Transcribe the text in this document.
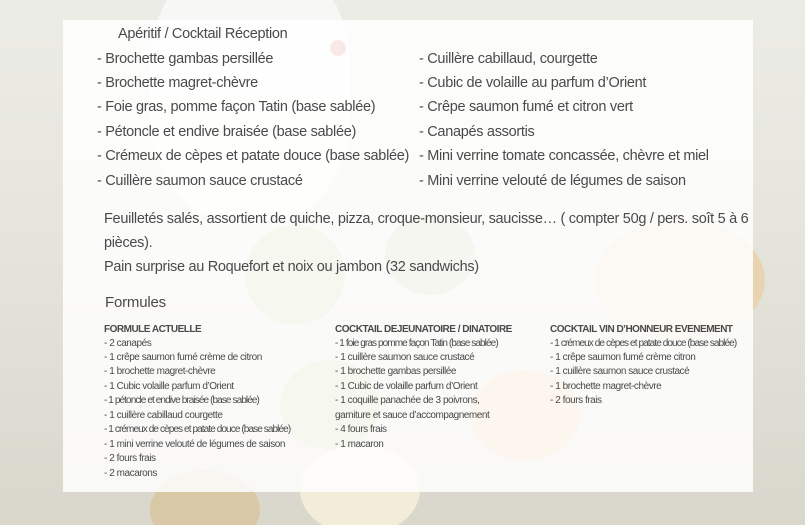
Apéritif / Cocktail Réception
- Brochette gambas persillée
- Brochette magret-chèvre
- Foie gras, pomme façon Tatin (base sablée)
- Pétoncle et endive braisée (base sablée)
- Crémeux de cèpes et patate douce (base sablée)
- Cuillère saumon sauce crustacé
- Cuillère cabillaud, courgette
- Cubic de volaille au parfum d’Orient
- Crêpe saumon fumé et citron vert
- Canapés assortis
- Mini verrine tomate concassée, chèvre et miel
- Mini verrine velouté de légumes de saison
Feuilletés salés, assortient de quiche, pizza, croque-monsieur, saucisse… ( compter 50g / pers. soît 5 à 6
pièces).
Pain surprise au Roquefort et noix ou jambon (32 sandwichs)
Formules
FORMULE ACTUELLE
- 2 canapés
- 1 crêpe saumon fumé crème de citron
- 1 brochette magret-chèvre
- 1 Cubic volaille parfum d’Orient
- 1 pétoncle et endive braisée (base sablée)
- 1 cuillère cabillaud courgette
- 1 crémeux de cèpes et patate douce (base sablée)
- 1 mini verrine velouté de légumes de saison
- 2 fours frais
- 2 macarons
COCKTAIL DEJEUNATOIRE / DINATOIRE
- 1 foie gras pomme façon Tatin (base sablée)
- 1 cuillère saumon sauce crustacé
- 1 brochette gambas persillée
- 1 Cubic de volaille parfum d’Orient
- 1 coquille panachée de 3 poivrons,
garniture et sauce d’accompagnement
- 4 fours frais
- 1 macaron
COCKTAIL VIN D’HONNEUR EVENEMENT
- 1 crémeux de cèpes et patate douce (base sablée)
- 1 crêpe saumon fumé crème citron
- 1 cuillère saumon sauce crustacé
- 1 brochette magret-chèvre
- 2 fours frais
